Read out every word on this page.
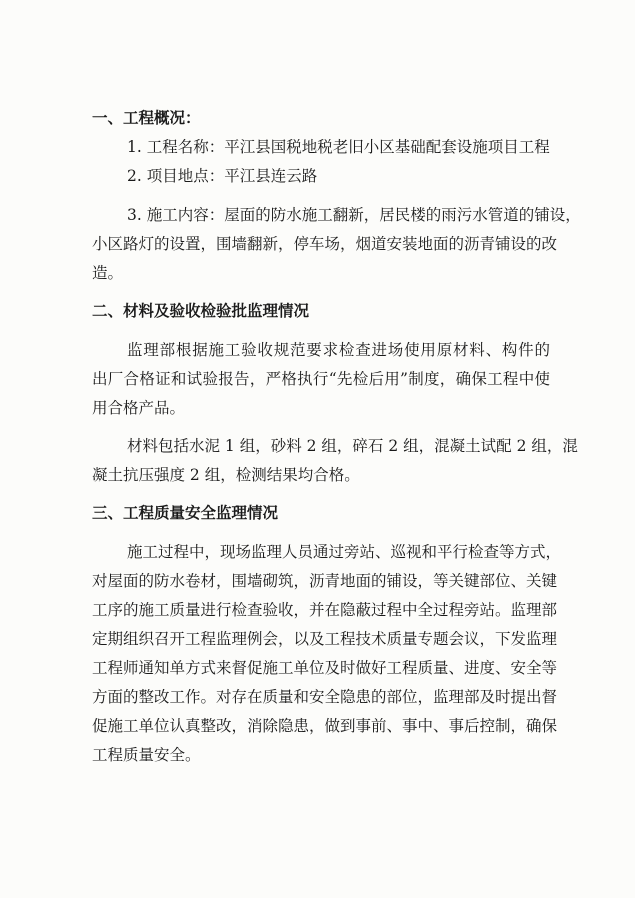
一、工程概况：
1. 工程名称：平江县国税地税老旧小区基础配套设施项目工程
2. 项目地点：平江县连云路
3. 施工内容：屋面的防水施工翻新，居民楼的雨污水管道的铺设，
小区路灯的设置，围墙翻新，停车场，烟道安装地面的沥青铺设的改
造。
二、材料及验收检验批监理情况
监理部根据施工验收规范要求检查进场使用原材料、构件的
出厂合格证和试验报告，严格执行“先检后用”制度，确保工程中使
用合格产品。
材料包括水泥 1 组，砂料 2 组，碎石 2 组，混凝土试配 2 组，混
凝土抗压强度 2 组，检测结果均合格。
三、工程质量安全监理情况
施工过程中，现场监理人员通过旁站、巡视和平行检查等方式，
对屋面的防水卷材，围墙砌筑，沥青地面的铺设，等关键部位、关键
工序的施工质量进行检查验收，并在隐蔽过程中全过程旁站。监理部
定期组织召开工程监理例会，以及工程技术质量专题会议，下发监理
工程师通知单方式来督促施工单位及时做好工程质量、进度、安全等
方面的整改工作。对存在质量和安全隐患的部位，监理部及时提出督
促施工单位认真整改，消除隐患，做到事前、事中、事后控制，确保
工程质量安全。
